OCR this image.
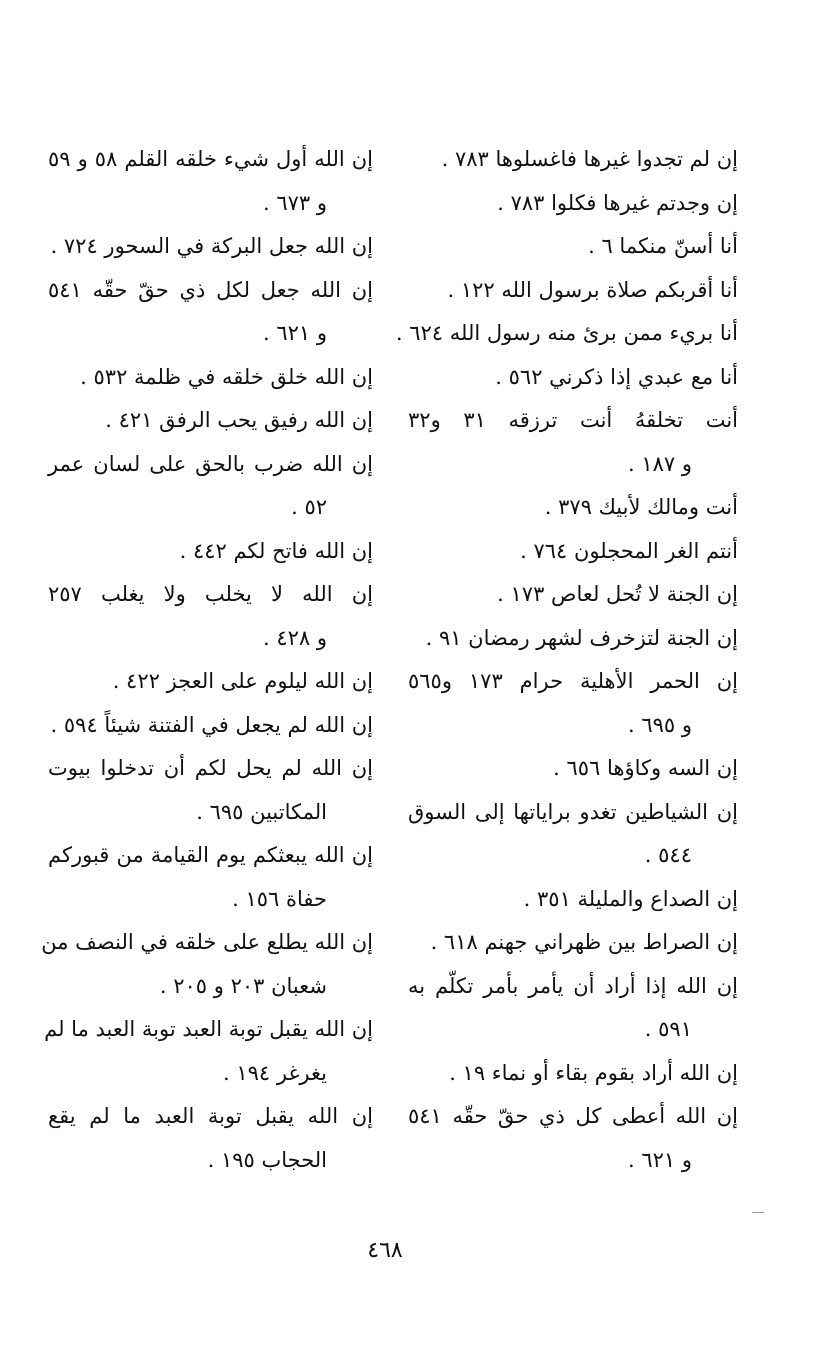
إن لم تجدوا غيرها فاغسلوها ٧٨٣ .
إن وجدتم غيرها فكلوا ٧٨٣ .
أنا أسنّ منكما ٦ .
أنا أقربكم صلاة برسول الله ١٢٢ .
أنا بريء ممن برئ منه رسول الله ٦٢٤ .
أنا مع عبدي إذا ذكرني ٥٦٢ .
أنت تخلقهُ أنت ترزقه ٣١ و٣٢
و ١٨٧ .
أنت ومالك لأبيك ٣٧٩ .
أنتم الغر المحجلون ٧٦٤ .
إن الجنة لا تُحل لعاص ١٧٣ .
إن الجنة لتزخرف لشهر رمضان ٩١ .
إن الحمر الأهلية حرام ١٧٣ و٥٦٥
و ٦٩٥ .
إن السه وكاؤها ٦٥٦ .
إن الشياطين تغدو براياتها إلى السوق
٥٤٤ .
إن الصداع والمليلة ٣٥١ .
إن الصراط بين ظهراني جهنم ٦١٨ .
إن الله إذا أراد أن يأمر بأمر تكلّم به
٥٩١ .
إن الله أراد بقوم بقاء أو نماء ١٩ .
إن الله أعطى كل ذي حقّ حقّه ٥٤١
و ٦٢١ .
إن الله أول شيء خلقه القلم ٥٨ و ٥٩
و ٦٧٣ .
إن الله جعل البركة في السحور ٧٢٤ .
إن الله جعل لكل ذي حقّ حقّه ٥٤١
و ٦٢١ .
إن الله خلق خلقه في ظلمة ٥٣٢ .
إن الله رفيق يحب الرفق ٤٢١ .
إن الله ضرب بالحق على لسان عمر
٥٢ .
إن الله فاتح لكم ٤٤٢ .
إن الله لا يخلب ولا يغلب ٢٥٧
و ٤٢٨ .
إن الله ليلوم على العجز ٤٢٢ .
إن الله لم يجعل في الفتنة شيئاً ٥٩٤ .
إن الله لم يحل لكم أن تدخلوا بيوت
المكاتبين ٦٩٥ .
إن الله يبعثكم يوم القيامة من قبوركم
حفاة ١٥٦ .
إن الله يطلع على خلقه في النصف من
شعبان ٢٠٣ و ٢٠٥ .
إن الله يقبل توبة العبد توبة العبد ما لم
يغرغر ١٩٤ .
إن الله يقبل توبة العبد ما لم يقع
الحجاب ١٩٥ .
٤٦٨
